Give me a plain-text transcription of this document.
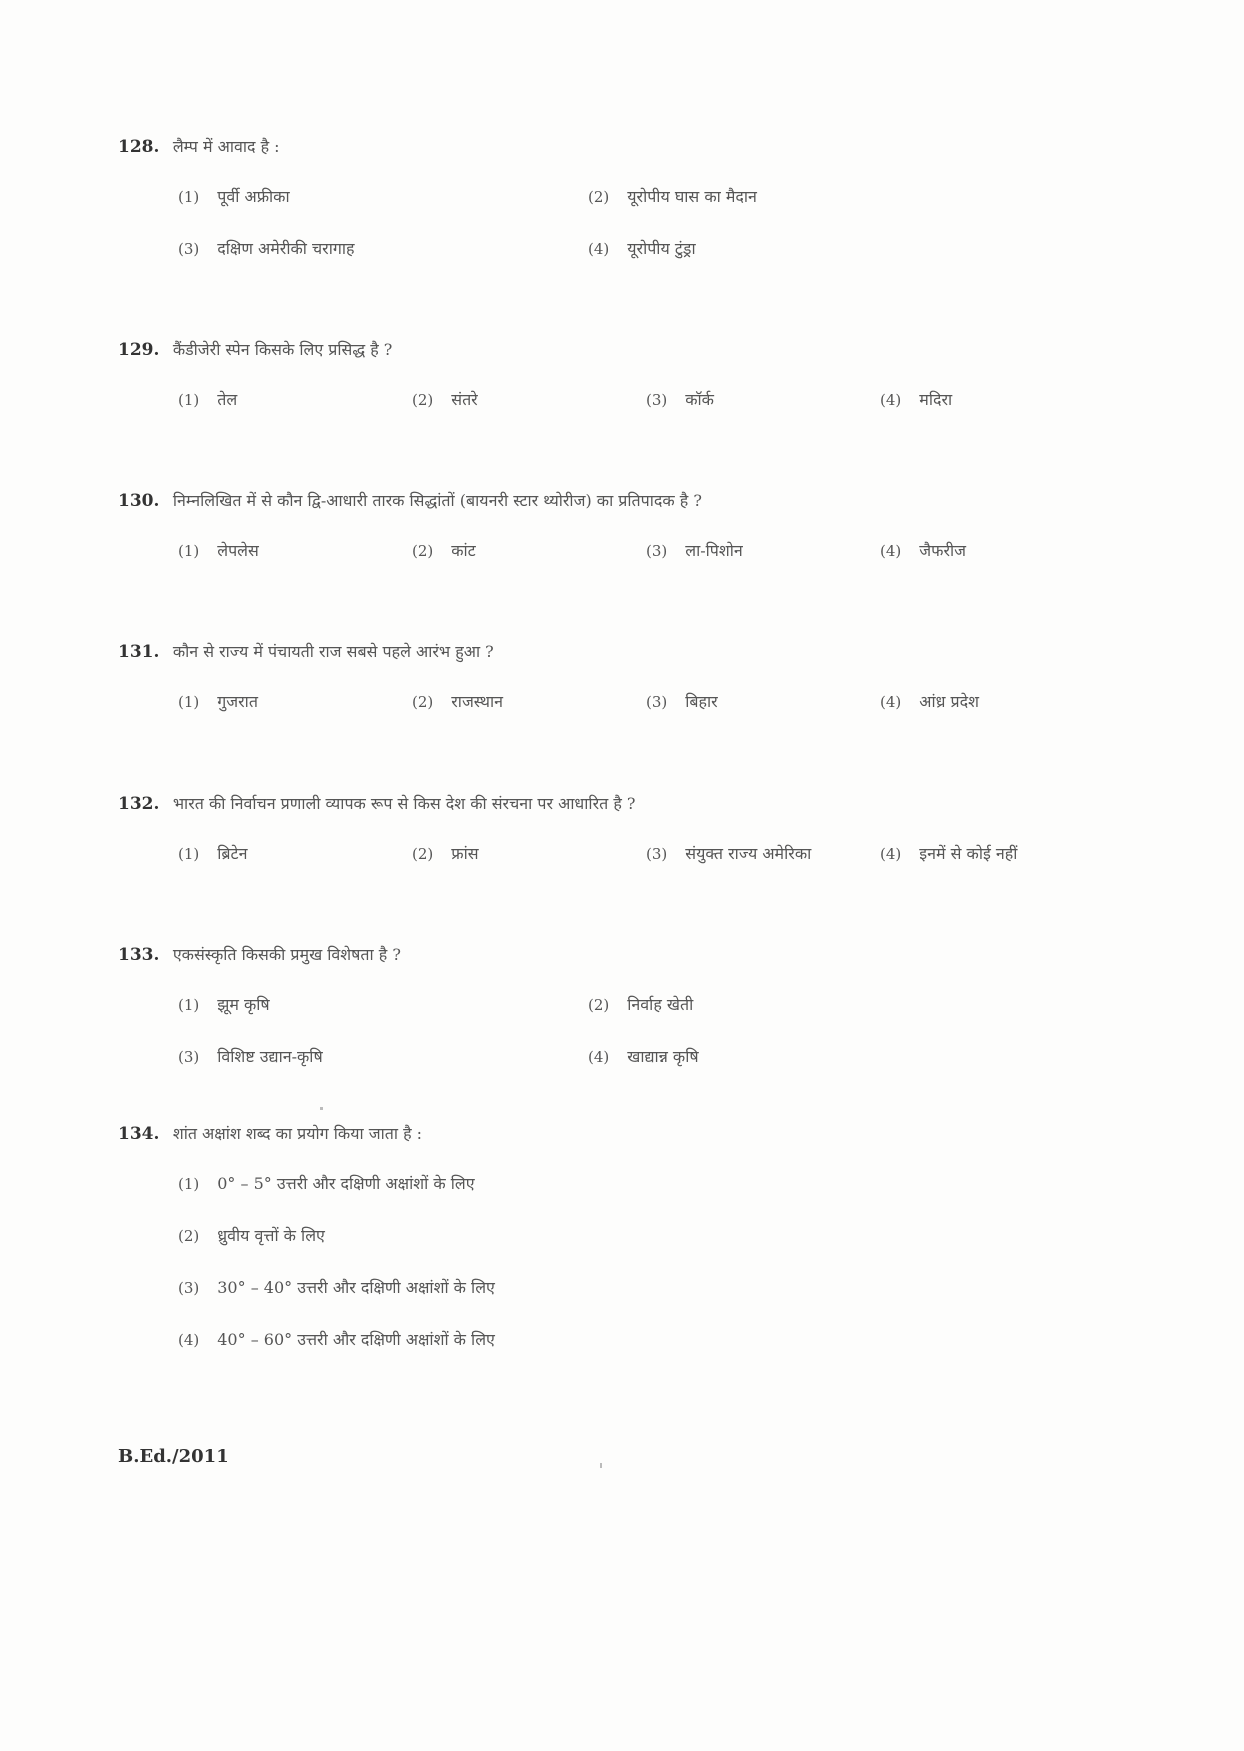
128. लैम्प में आवाद है :
(1) पूर्वी अफ्रीका	(2) यूरोपीय घास का मैदान
(3) दक्षिण अमेरीकी चरागाह	(4) यूरोपीय टुंड्रा
129. कैंडीजेरी स्पेन किसके लिए प्रसिद्ध है ?
(1) तेल	(2) संतरे	(3) कॉर्क	(4) मदिरा
130. निम्नलिखित में से कौन द्वि-आधारी तारक सिद्धांतों (बायनरी स्टार थ्योरीज) का प्रतिपादक है ?
(1) लेपलेस	(2) कांट	(3) ला-पिशोन	(4) जैफरीज
131. कौन से राज्य में पंचायती राज सबसे पहले आरंभ हुआ ?
(1) गुजरात	(2) राजस्थान	(3) बिहार	(4) आंध्र प्रदेश
132. भारत की निर्वाचन प्रणाली व्यापक रूप से किस देश की संरचना पर आधारित है ?
(1) ब्रिटेन	(2) फ्रांस	(3) संयुक्त राज्य अमेरिका	(4) इनमें से कोई नहीं
133. एकसंस्कृति किसकी प्रमुख विशेषता है ?
(1) झूम कृषि	(2) निर्वाह खेती
(3) विशिष्ट उद्यान-कृषि	(4) खाद्यान्न कृषि
134. शांत अक्षांश शब्द का प्रयोग किया जाता है :
(1) 0° – 5° उत्तरी और दक्षिणी अक्षांशों के लिए
(2) ध्रुवीय वृत्तों के लिए
(3) 30° – 40° उत्तरी और दक्षिणी अक्षांशों के लिए
(4) 40° – 60° उत्तरी और दक्षिणी अक्षांशों के लिए
B.Ed./2011
